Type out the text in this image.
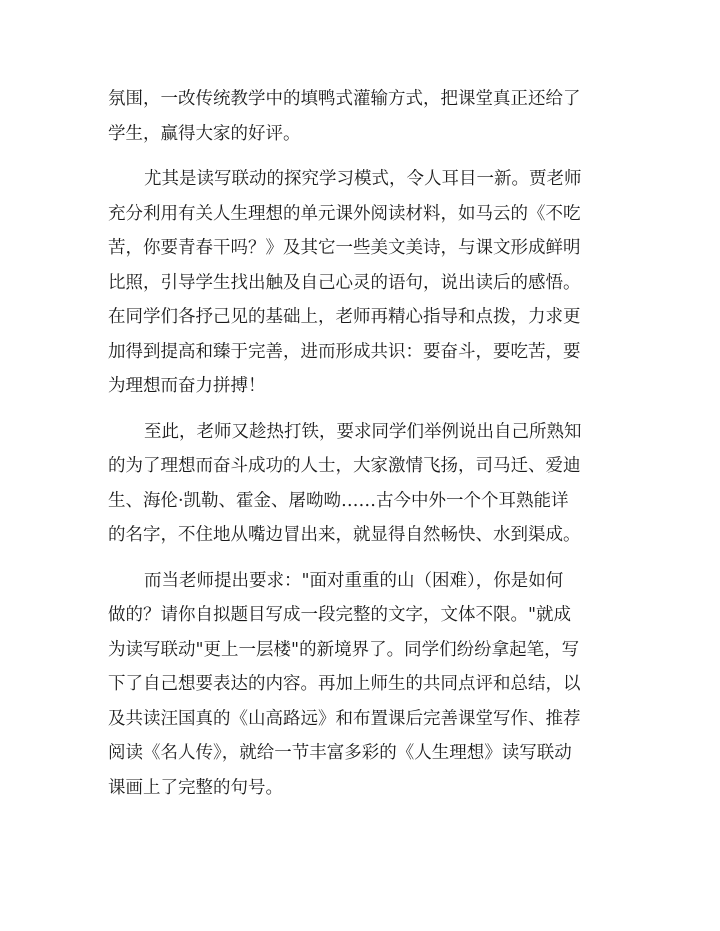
氛围，一改传统教学中的填鸭式灌输方式，把课堂真正还给了
学生，赢得大家的好评。
尤其是读写联动的探究学习模式，令人耳目一新。贾老师
充分利用有关人生理想的单元课外阅读材料，如马云的《不吃
苦，你要青春干吗？》及其它一些美文美诗，与课文形成鲜明
比照，引导学生找出触及自己心灵的语句，说出读后的感悟。
在同学们各抒己见的基础上，老师再精心指导和点拨，力求更
加得到提高和臻于完善，进而形成共识：要奋斗，要吃苦，要
为理想而奋力拼搏！
至此，老师又趁热打铁，要求同学们举例说出自己所熟知
的为了理想而奋斗成功的人士，大家激情飞扬，司马迁、爱迪
生、海伦·凯勒、霍金、屠呦呦……古今中外一个个耳熟能详
的名字，不住地从嘴边冒出来，就显得自然畅快、水到渠成。
而当老师提出要求："面对重重的山（困难），你是如何
做的？请你自拟题目写成一段完整的文字，文体不限。"就成
为读写联动"更上一层楼"的新境界了。同学们纷纷拿起笔，写
下了自己想要表达的内容。再加上师生的共同点评和总结，以
及共读汪国真的《山高路远》和布置课后完善课堂写作、推荐
阅读《名人传》，就给一节丰富多彩的《人生理想》读写联动
课画上了完整的句号。
